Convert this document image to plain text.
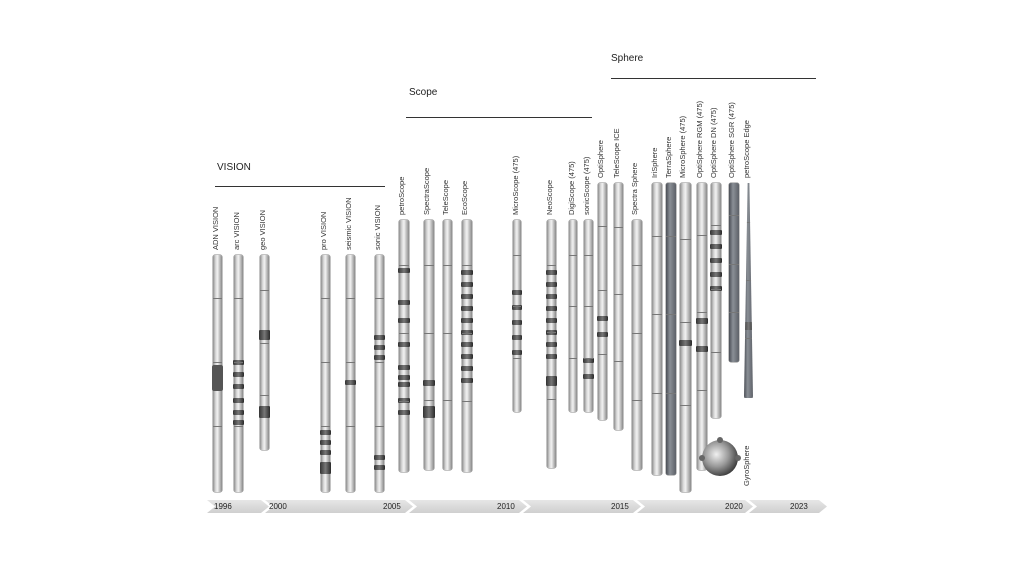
VISION
Scope
Sphere
ADN VISION arc VISION geo VISION	pro VISION seismic VISION	sonic VISION
petroScope SpectraScope TeleScope EcoScope	MicroScope (475)	NeoScope DigiScope (475) sonicScope (475) OptiSphere TeleScope ICE
Spectra Sphere
IriSphere TerraSphere MicroSphere (475) OptiSphere RGM (475) OptiSphere DN (475) OptiSphere SGR (475) petroScope Edge
GyroSphere
1996	2000	2005	2010	2015	2020	2023
